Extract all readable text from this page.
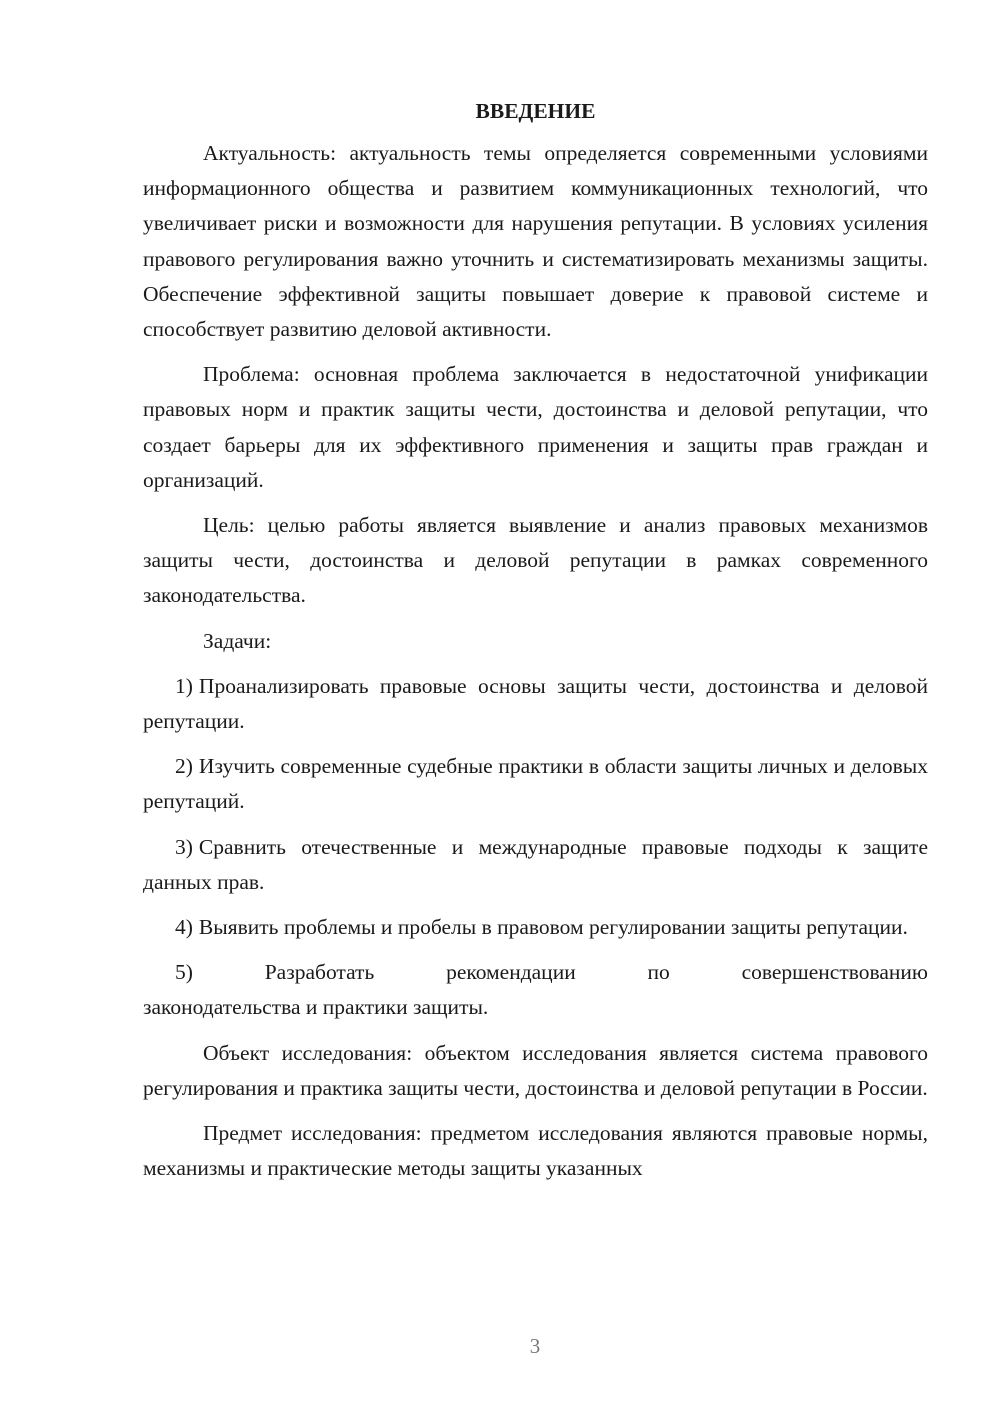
ВВЕДЕНИЕ

Актуальность: актуальность темы определяется современными условиями информационного общества и развитием коммуникационных технологий, что увеличивает риски и возможности для нарушения репутации. В условиях усиления правового регулирования важно уточнить и систематизировать механизмы защиты. Обеспечение эффективной защиты повышает доверие к правовой системе и способствует развитию деловой активности.

Проблема: основная проблема заключается в недостаточной унификации правовых норм и практик защиты чести, достоинства и деловой репутации, что создает барьеры для их эффективного применения и защиты прав граждан и организаций.

Цель: целью работы является выявление и анализ правовых механизмов защиты чести, достоинства и деловой репутации в рамках современного законодательства.

Задачи:

1) Проанализировать правовые основы защиты чести, достоинства и деловой репутации.

2) Изучить современные судебные практики в области защиты личных и деловых репутаций.

3) Сравнить отечественные и международные правовые подходы к защите данных прав.

4) Выявить проблемы и пробелы в правовом регулировании защиты репутации.

5)	Разработать	рекомендации	по	совершенствованию
законодательства и практики защиты.

Объект исследования: объектом исследования является система правового регулирования и практика защиты чести, достоинства и деловой репутации в России.

Предмет исследования: предметом исследования являются правовые нормы, механизмы и практические методы защиты указанных

3
